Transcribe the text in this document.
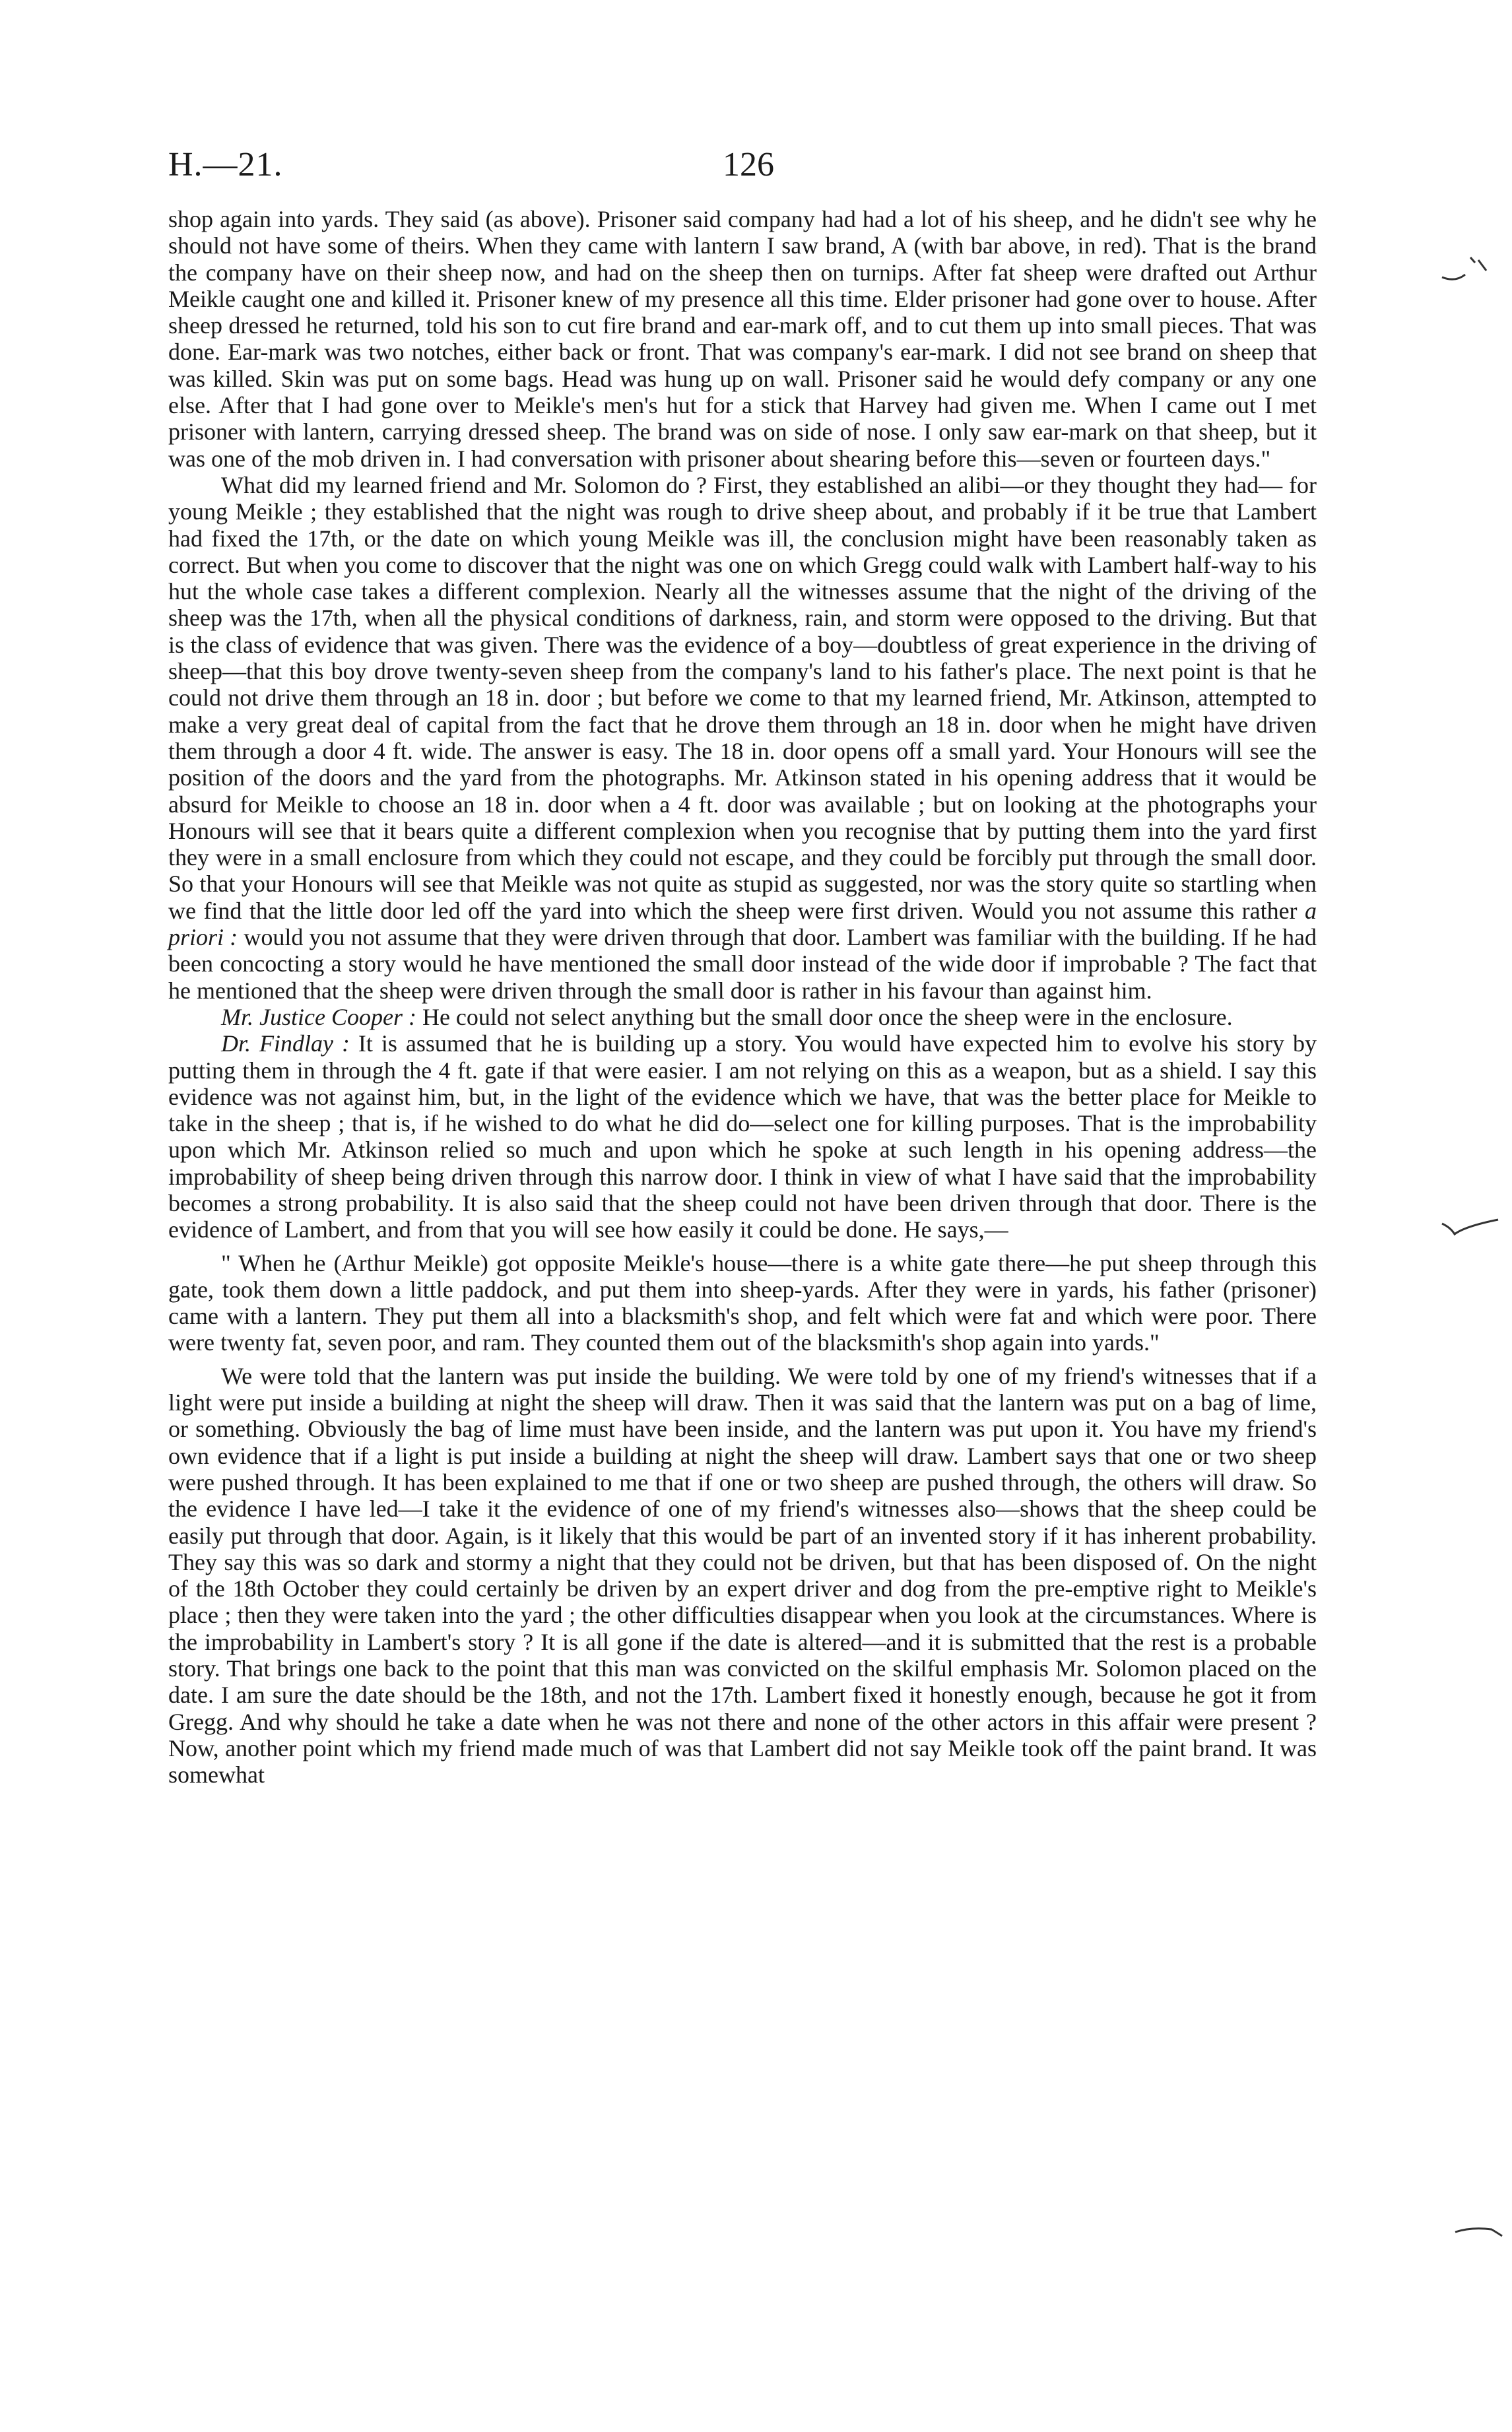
H.—21.	126

shop again into yards. They said (as above). Prisoner said company had had a lot of his sheep, and he didn't see why he should not have some of theirs. When they came with lantern I saw brand, A (with bar above, in red). That is the brand the company have on their sheep now, and had on the sheep then on turnips. After fat sheep were drafted out Arthur Meikle caught one and killed it. Prisoner knew of my presence all this time. Elder prisoner had gone over to house. After sheep dressed he returned, told his son to cut fire brand and ear-mark off, and to cut them up into small pieces. That was done. Ear-mark was two notches, either back or front. That was company's ear-mark. I did not see brand on sheep that was killed. Skin was put on some bags. Head was hung up on wall. Prisoner said he would defy company or any one else. After that I had gone over to Meikle's men's hut for a stick that Harvey had given me. When I came out I met prisoner with lantern, carrying dressed sheep. The brand was on side of nose. I only saw ear-mark on that sheep, but it was one of the mob driven in. I had conversation with prisoner about shearing before this—seven or fourteen days."

What did my learned friend and Mr. Solomon do ? First, they established an alibi—or they thought they had— for young Meikle ; they established that the night was rough to drive sheep about, and probably if it be true that Lambert had fixed the 17th, or the date on which young Meikle was ill, the conclusion might have been reasonably taken as correct. But when you come to discover that the night was one on which Gregg could walk with Lambert half-way to his hut the whole case takes a different complexion. Nearly all the witnesses assume that the night of the driving of the sheep was the 17th, when all the physical conditions of darkness, rain, and storm were opposed to the driving. But that is the class of evidence that was given. There was the evidence of a boy—doubtless of great experience in the driving of sheep—that this boy drove twenty-seven sheep from the company's land to his father's place. The next point is that he could not drive them through an 18 in. door ; but before we come to that my learned friend, Mr. Atkinson, attempted to make a very great deal of capital from the fact that he drove them through an 18 in. door when he might have driven them through a door 4 ft. wide. The answer is easy. The 18 in. door opens off a small yard. Your Honours will see the position of the doors and the yard from the photographs. Mr. Atkinson stated in his opening address that it would be absurd for Meikle to choose an 18 in. door when a 4 ft. door was available ; but on looking at the photographs your Honours will see that it bears quite a different complexion when you recognise that by putting them into the yard first they were in a small enclosure from which they could not escape, and they could be forcibly put through the small door. So that your Honours will see that Meikle was not quite as stupid as suggested, nor was the story quite so startling when we find that the little door led off the yard into which the sheep were first driven. Would you not assume this rather a priori : would you not assume that they were driven through that door. Lambert was familiar with the building. If he had been concocting a story would he have mentioned the small door instead of the wide door if improbable ? The fact that he mentioned that the sheep were driven through the small door is rather in his favour than against him.

Mr. Justice Cooper : He could not select anything but the small door once the sheep were in the enclosure.

Dr. Findlay : It is assumed that he is building up a story. You would have expected him to evolve his story by putting them in through the 4 ft. gate if that were easier. I am not relying on this as a weapon, but as a shield. I say this evidence was not against him, but, in the light of the evidence which we have, that was the better place for Meikle to take in the sheep ; that is, if he wished to do what he did do—select one for killing purposes. That is the improbability upon which Mr. Atkinson relied so much and upon which he spoke at such length in his opening address—the improbability of sheep being driven through this narrow door. I think in view of what I have said that the improbability becomes a strong probability. It is also said that the sheep could not have been driven through that door. There is the evidence of Lambert, and from that you will see how easily it could be done. He says,—

" When he (Arthur Meikle) got opposite Meikle's house—there is a white gate there—he put sheep through this gate, took them down a little paddock, and put them into sheep-yards. After they were in yards, his father (prisoner) came with a lantern. They put them all into a blacksmith's shop, and felt which were fat and which were poor. There were twenty fat, seven poor, and ram. They counted them out of the blacksmith's shop again into yards."

We were told that the lantern was put inside the building. We were told by one of my friend's witnesses that if a light were put inside a building at night the sheep will draw. Then it was said that the lantern was put on a bag of lime, or something. Obviously the bag of lime must have been inside, and the lantern was put upon it. You have my friend's own evidence that if a light is put inside a building at night the sheep will draw. Lambert says that one or two sheep were pushed through. It has been explained to me that if one or two sheep are pushed through, the others will draw. So the evidence I have led—I take it the evidence of one of my friend's witnesses also—shows that the sheep could be easily put through that door. Again, is it likely that this would be part of an invented story if it has inherent probability. They say this was so dark and stormy a night that they could not be driven, but that has been disposed of. On the night of the 18th October they could certainly be driven by an expert driver and dog from the pre-emptive right to Meikle's place ; then they were taken into the yard ; the other difficulties disappear when you look at the circumstances. Where is the improbability in Lambert's story ? It is all gone if the date is altered—and it is submitted that the rest is a probable story. That brings one back to the point that this man was convicted on the skilful emphasis Mr. Solomon placed on the date. I am sure the date should be the 18th, and not the 17th. Lambert fixed it honestly enough, because he got it from Gregg. And why should he take a date when he was not there and none of the other actors in this affair were present ? Now, another point which my friend made much of was that Lambert did not say Meikle took off the paint brand. It was somewhat
